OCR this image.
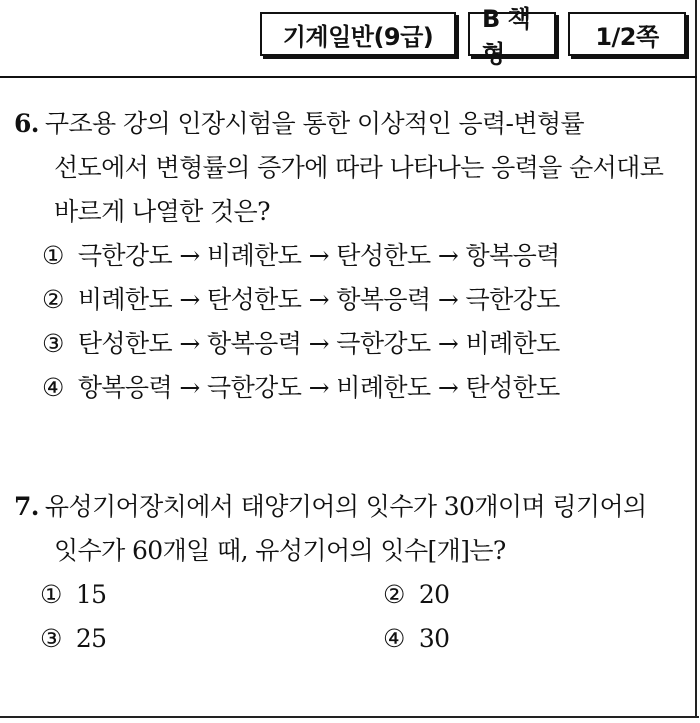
기계일반(9급)
B 책형
1/2쪽
6. 구조용 강의 인장시험을 통한 이상적인 응력-변형률
선도에서 변형률의 증가에 따라 나타나는 응력을 순서대로
바르게 나열한 것은?
① 극한강도 → 비례한도 → 탄성한도 → 항복응력
② 비례한도 → 탄성한도 → 항복응력 → 극한강도
③ 탄성한도 → 항복응력 → 극한강도 → 비례한도
④ 항복응력 → 극한강도 → 비례한도 → 탄성한도
7. 유성기어장치에서 태양기어의 잇수가 30개이며 링기어의
잇수가 60개일 때, 유성기어의 잇수[개]는?
① 15	② 20
③ 25	④ 30
